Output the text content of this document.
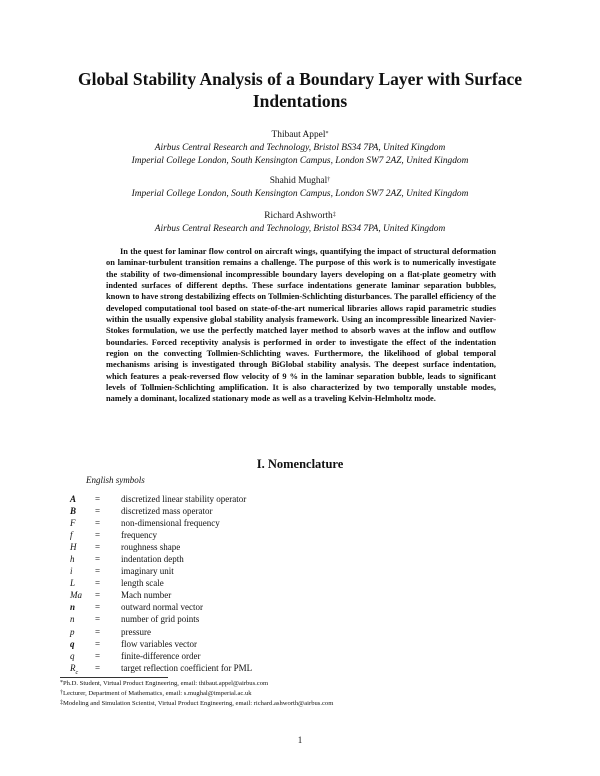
Global Stability Analysis of a Boundary Layer with Surface Indentations
Thibaut Appel*
Airbus Central Research and Technology, Bristol BS34 7PA, United Kingdom
Imperial College London, South Kensington Campus, London SW7 2AZ, United Kingdom
Shahid Mughal†
Imperial College London, South Kensington Campus, London SW7 2AZ, United Kingdom
Richard Ashworth‡
Airbus Central Research and Technology, Bristol BS34 7PA, United Kingdom
In the quest for laminar flow control on aircraft wings, quantifying the impact of structural deformation on laminar-turbulent transition remains a challenge. The purpose of this work is to numerically investigate the stability of two-dimensional incompressible boundary layers developing on a flat-plate geometry with indented surfaces of different depths. These surface indentations generate laminar separation bubbles, known to have strong destabilizing effects on Tollmien-Schlichting disturbances. The parallel efficiency of the developed computational tool based on state-of-the-art numerical libraries allows rapid parametric studies within the usually expensive global stability analysis framework. Using an incompressible linearized Navier-Stokes formulation, we use the perfectly matched layer method to absorb waves at the inflow and outflow boundaries. Forced receptivity analysis is performed in order to investigate the effect of the indentation region on the convecting Tollmien-Schlichting waves. Furthermore, the likelihood of global temporal mechanisms arising is investigated through BiGlobal stability analysis. The deepest surface indentation, which features a peak-reversed flow velocity of 9 % in the laminar separation bubble, leads to significant levels of Tollmien-Schlichting amplification. It is also characterized by two temporally unstable modes, namely a dominant, localized stationary mode as well as a traveling Kelvin-Helmholtz mode.
I. Nomenclature
English symbols
A	=	discretized linear stability operator
B	=	discretized mass operator
F	=	non-dimensional frequency
f	=	frequency
H	=	roughness shape
h	=	indentation depth
i	=	imaginary unit
L	=	length scale
Ma	=	Mach number
n	=	outward normal vector
n	=	number of grid points
p	=	pressure
q	=	flow variables vector
q	=	finite-difference order
$R_c$	=	target reflection coefficient for PML
*Ph.D. Student, Virtual Product Engineering, email: thibaut.appel@airbus.com
†Lecturer, Department of Mathematics, email: s.mughal@imperial.ac.uk
‡Modeling and Simulation Scientist, Virtual Product Engineering, email: richard.ashworth@airbus.com
1
